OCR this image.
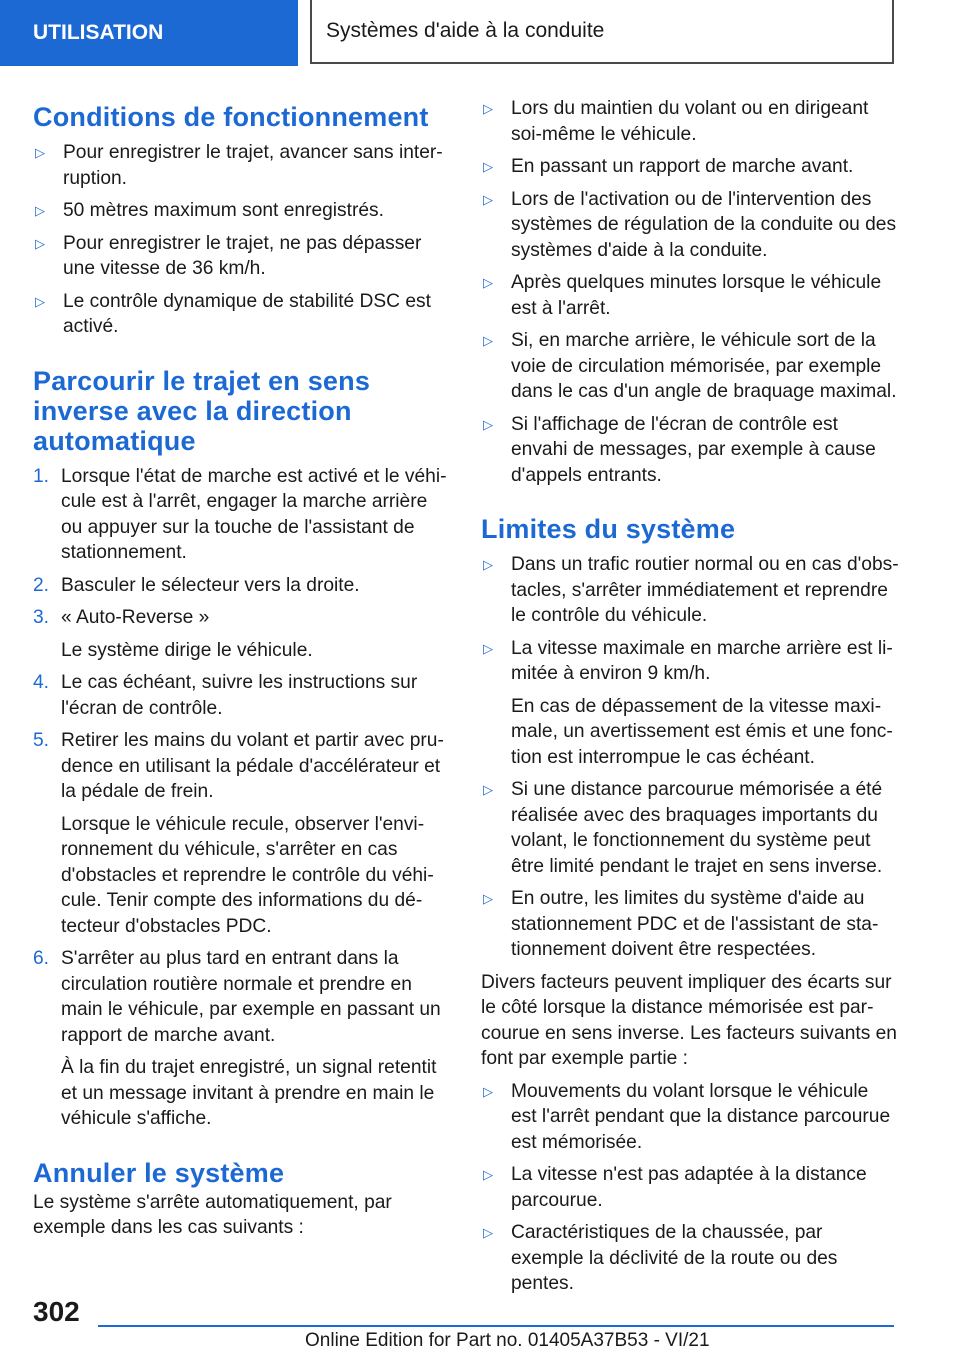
UTILISATION	Systèmes d'aide à la conduite
Conditions de fonctionnement
▷ Pour enregistrer le trajet, avancer sans interruption.
▷ 50 mètres maximum sont enregistrés.
▷ Pour enregistrer le trajet, ne pas dépasser une vitesse de 36 km/h.
▷ Le contrôle dynamique de stabilité DSC est activé.
Parcourir le trajet en sens inverse avec la direction automatique
1. Lorsque l'état de marche est activé et le véhicule est à l'arrêt, engager la marche arrière ou appuyer sur la touche de l'assistant de stationnement.
2. Basculer le sélecteur vers la droite.
3. « Auto-Reverse »
Le système dirige le véhicule.
4. Le cas échéant, suivre les instructions sur l'écran de contrôle.
5. Retirer les mains du volant et partir avec prudence en utilisant la pédale d'accélérateur et la pédale de frein.
Lorsque le véhicule recule, observer l'environnement du véhicule, s'arrêter en cas d'obstacles et reprendre le contrôle du véhicule. Tenir compte des informations du détecteur d'obstacles PDC.
6. S'arrêter au plus tard en entrant dans la circulation routière normale et prendre en main le véhicule, par exemple en passant un rapport de marche avant.
À la fin du trajet enregistré, un signal retentit et un message invitant à prendre en main le véhicule s'affiche.
Annuler le système

Le système s'arrête automatiquement, par exemple dans les cas suivants :

▷ Lors du maintien du volant ou en dirigeant soi-même le véhicule.
▷ En passant un rapport de marche avant.
▷ Lors de l'activation ou de l'intervention des systèmes de régulation de la conduite ou des systèmes d'aide à la conduite.
▷ Après quelques minutes lorsque le véhicule est à l'arrêt.
▷ Si, en marche arrière, le véhicule sort de la voie de circulation mémorisée, par exemple dans le cas d'un angle de braquage maximal.
▷ Si l'affichage de l'écran de contrôle est envahi de messages, par exemple à cause d'appels entrants.
Limites du système
▷ Dans un trafic routier normal ou en cas d'obstacles, s'arrêter immédiatement et reprendre le contrôle du véhicule.
▷ La vitesse maximale en marche arrière est limitée à environ 9 km/h.
En cas de dépassement de la vitesse maximale, un avertissement est émis et une fonction est interrompue le cas échéant.
▷ Si une distance parcourue mémorisée a été réalisée avec des braquages importants du volant, le fonctionnement du système peut être limité pendant le trajet en sens inverse.
▷ En outre, les limites du système d'aide au stationnement PDC et de l'assistant de stationnement doivent être respectées.

Divers facteurs peuvent impliquer des écarts sur le côté lorsque la distance mémorisée est parcourue en sens inverse. Les facteurs suivants en font par exemple partie :

▷ Mouvements du volant lorsque le véhicule est l'arrêt pendant que la distance parcourue est mémorisée.
▷ La vitesse n'est pas adaptée à la distance parcourue.
▷ Caractéristiques de la chaussée, par exemple la déclivité de la route ou des pentes.
302
Online Edition for Part no. 01405A37B53 - VI/21
